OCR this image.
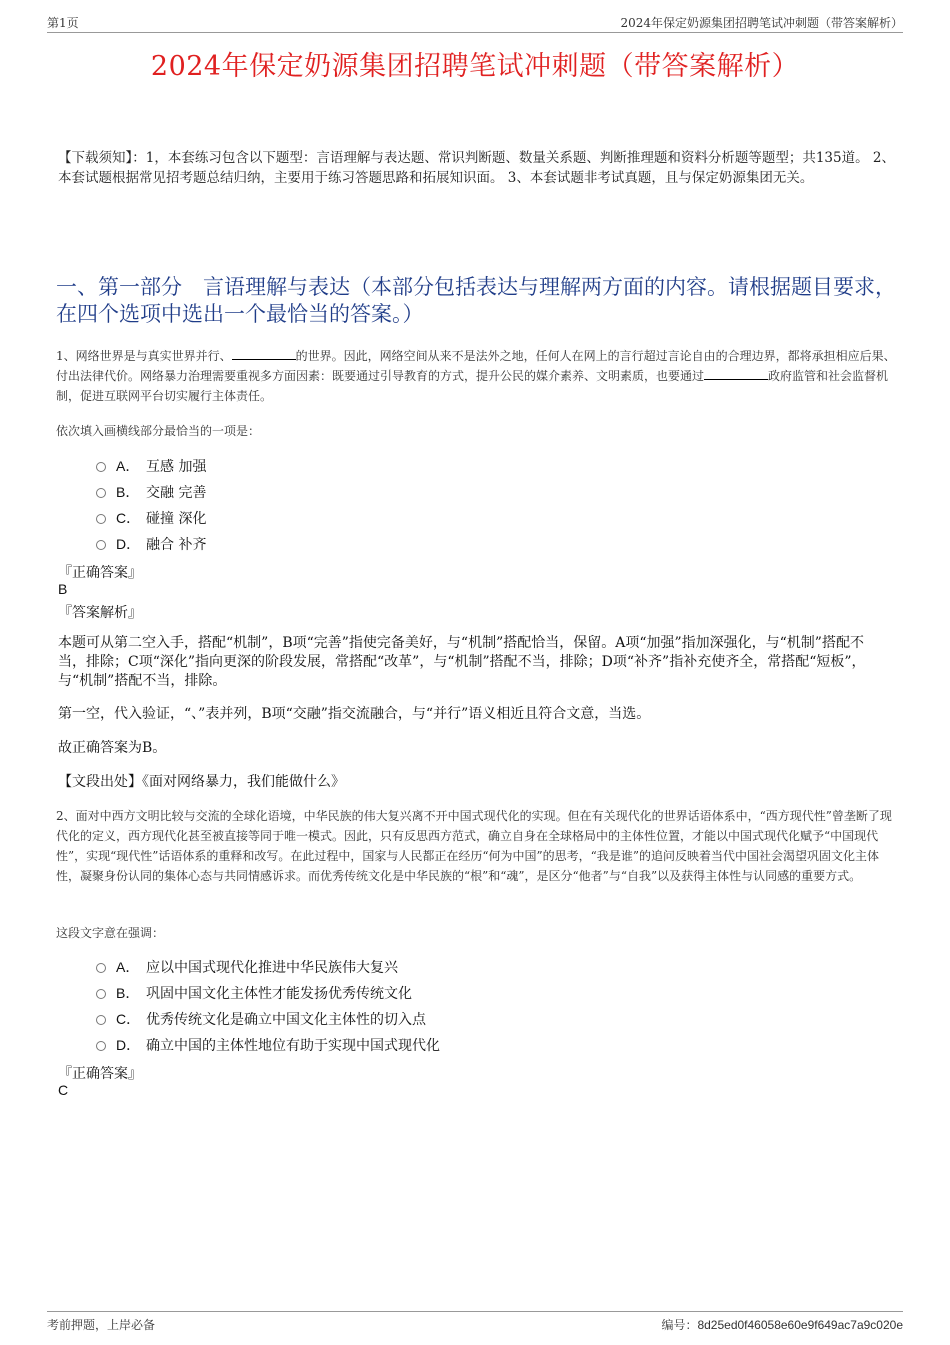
第1页	2024年保定奶源集团招聘笔试冲刺题（带答案解析）
2024年保定奶源集团招聘笔试冲刺题（带答案解析）
【下载须知】：1，本套练习包含以下题型：言语理解与表达题、常识判断题、数量关系题、判断推理题和资料分析题等题型；共135道。 2、本套试题根据常见招考题总结归纳，主要用于练习答题思路和拓展知识面。 3、本套试题非考试真题，且与保定奶源集团无关。
一、第一部分　言语理解与表达（本部分包括表达与理解两方面的内容。请根据题目要求，在四个选项中选出一个最恰当的答案。）
1、网络世界是与真实世界并行、	的世界。因此，网络空间从来不是法外之地，任何人在网上的言行超过言论自由的合理边界，都将承担相应后果、付出法律代价。网络暴力治理需要重视多方面因素：既要通过引导教育的方式，提升公民的媒介素养、文明素质，也要通过	政府监管和社会监督机制，促进互联网平台切实履行主体责任。
依次填入画横线部分最恰当的一项是：
A． 互感 加强
B． 交融 完善
C． 碰撞 深化
D． 融合 补齐
『正确答案』
B
『答案解析』
本题可从第二空入手，搭配“机制”，B项“完善”指使完备美好，与“机制”搭配恰当，保留。A项“加强”指加深强化，与“机制”搭配不当，排除；C项“深化”指向更深的阶段发展，常搭配“改革”，与“机制”搭配不当，排除；D项“补齐”指补充使齐全，常搭配“短板”，与“机制”搭配不当，排除。
第一空，代入验证，“、”表并列，B项“交融”指交流融合，与“并行”语义相近且符合文意，当选。
故正确答案为B。
【文段出处】《面对网络暴力，我们能做什么》
2、面对中西方文明比较与交流的全球化语境，中华民族的伟大复兴离不开中国式现代化的实现。但在有关现代化的世界话语体系中，“西方现代性”曾垄断了现代化的定义，西方现代化甚至被直接等同于唯一模式。因此，只有反思西方范式，确立自身在全球格局中的主体性位置，才能以中国式现代化赋予“中国现代性”，实现“现代性”话语体系的重释和改写。在此过程中，国家与人民都正在经历“何为中国”的思考，“我是谁”的追问反映着当代中国社会渴望巩固文化主体性，凝聚身份认同的集体心态与共同情感诉求。而优秀传统文化是中华民族的“根”和“魂”，是区分“他者”与“自我”以及获得主体性与认同感的重要方式。
这段文字意在强调：
A． 应以中国式现代化推进中华民族伟大复兴
B． 巩固中国文化主体性才能发扬优秀传统文化
C． 优秀传统文化是确立中国文化主体性的切入点
D． 确立中国的主体性地位有助于实现中国式现代化
『正确答案』
C
考前押题，上岸必备	编号：8d25ed0f46058e60e9f649ac7a9c020e
